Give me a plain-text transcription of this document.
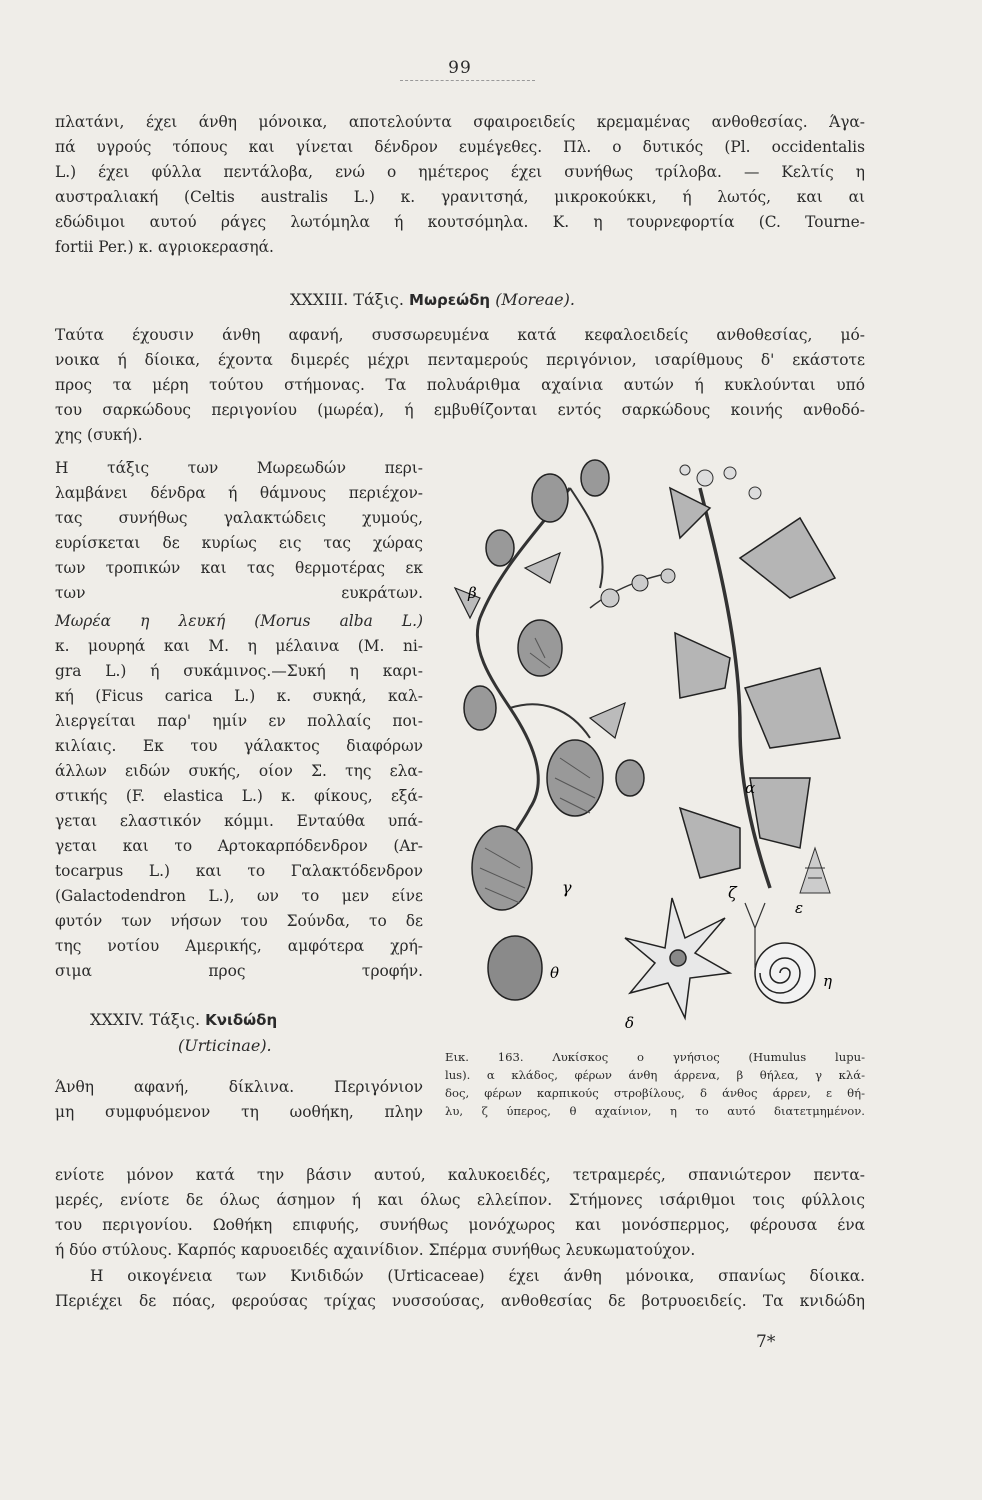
99
πλατάνι, έχει άνθη μόνοικα, αποτελούντα σφαιροειδείς κρεμαμένας ανθοθεσίας. Άγα-
πά υγρούς τόπους και γίνεται δένδρον ευμέγεθες. Πλ. ο δυτικός (Pl. occidentalis
L.) έχει φύλλα πεντάλοβα, ενώ ο ημέτερος έχει συνήθως τρίλοβα. — Κελτίς η
αυστραλιακή (Celtis australis L.) κ. γρανιτσηά, μικροκούκκι, ή λωτός, και αι
εδώδιμοι αυτού ράγες λωτόμηλα ή κουτσόμηλα. Κ. η τουρνεφορτία (C. Tourne-
fortii Per.) κ. αγριοκερασηά.
XXXIII. Τάξις. Μωρεώδη (Moreae).
Ταύτα έχουσιν άνθη αφανή, συσσωρευμένα κατά κεφαλοειδείς ανθοθεσίας, μό-
νοικα ή δίοικα, έχοντα διμερές μέχρι πενταμερούς περιγόνιον, ισαρίθμους δ' εκάστοτε
προς τα μέρη τούτου στήμονας. Τα πολυάριθμα αχαίνια αυτών ή κυκλούνται υπό
του σαρκώδους περιγονίου (μωρέα), ή εμβυθίζονται εντός σαρκώδους κοινής ανθοδό-
χης (συκή).
Η τάξις των Μωρεωδών περι-
λαμβάνει δένδρα ή θάμνους περιέχον-
τας συνήθως γαλακτώδεις χυμούς,
ευρίσκεται δε κυρίως εις τας χώρας
των τροπικών και τας θερμοτέρας εκ
των ευκράτων.
Μωρέα η λευκή (Morus alba L.)
κ. μουρηά και Μ. η μέλαινα (Μ. ni-
gra L.) ή συκάμινος.—Συκή η καρι-
κή (Ficus carica L.) κ. συκηά, καλ-
λιεργείται παρ' ημίν εν πολλαίς ποι-
κιλίαις. Εκ του γάλακτος διαφόρων
άλλων ειδών συκής, οίον Σ. της ελα-
στικής (F. elastica L.) κ. φίκους, εξά-
γεται ελαστικόν κόμμι. Ενταύθα υπά-
γεται και το Αρτοκαρπόδενδρον (Ar-
tocarpus L.) και το Γαλακτόδενδρον
(Galactodendron L.), ων το μεν είνε
φυτόν των νήσων του Σούνδα, το δε
της νοτίου Αμερικής, αμφότερα χρή-
σιμα προς τροφήν.
XXXIV. Τάξις. Κνιδώδη
(Urticinae).
Άνθη αφανή, δίκλινα. Περιγόνιον
μη συμφυόμενον τη ωοθήκη, πλην
β
α
γ	ζ
ε
θ	η
δ
Εικ. 163. Λυκίσκος ο γνήσιος (Humulus lupu-
lus). α κλάδος, φέρων άνθη άρρενα, β θήλεα, γ κλά-
δος, φέρων καρπικούς στροβίλους, δ άνθος άρρεν, ε θή-
λυ, ζ ύπερος, θ αχαίνιον, η το αυτό διατετμημένον.
ενίοτε μόνον κατά την βάσιν αυτού, καλυκοειδές, τετραμερές, σπανιώτερον πεντα-
μερές, ενίοτε δε όλως άσημον ή και όλως ελλείπον. Στήμονες ισάριθμοι τοις φύλλοις
του περιγονίου. Ωοθήκη επιφυής, συνήθως μονόχωρος και μονόσπερμος, φέρουσα ένα
ή δύο στύλους. Καρπός καρυοειδές αχαινίδιον. Σπέρμα συνήθως λευκωματούχον.
Η οικογένεια των Κνιδιδών (Urticaceae) έχει άνθη μόνοικα, σπανίως δίοικα.
Περιέχει δε πόας, φερούσας τρίχας νυσσούσας, ανθοθεσίας δε βοτρυοειδείς. Τα κνιδώδη
7*
